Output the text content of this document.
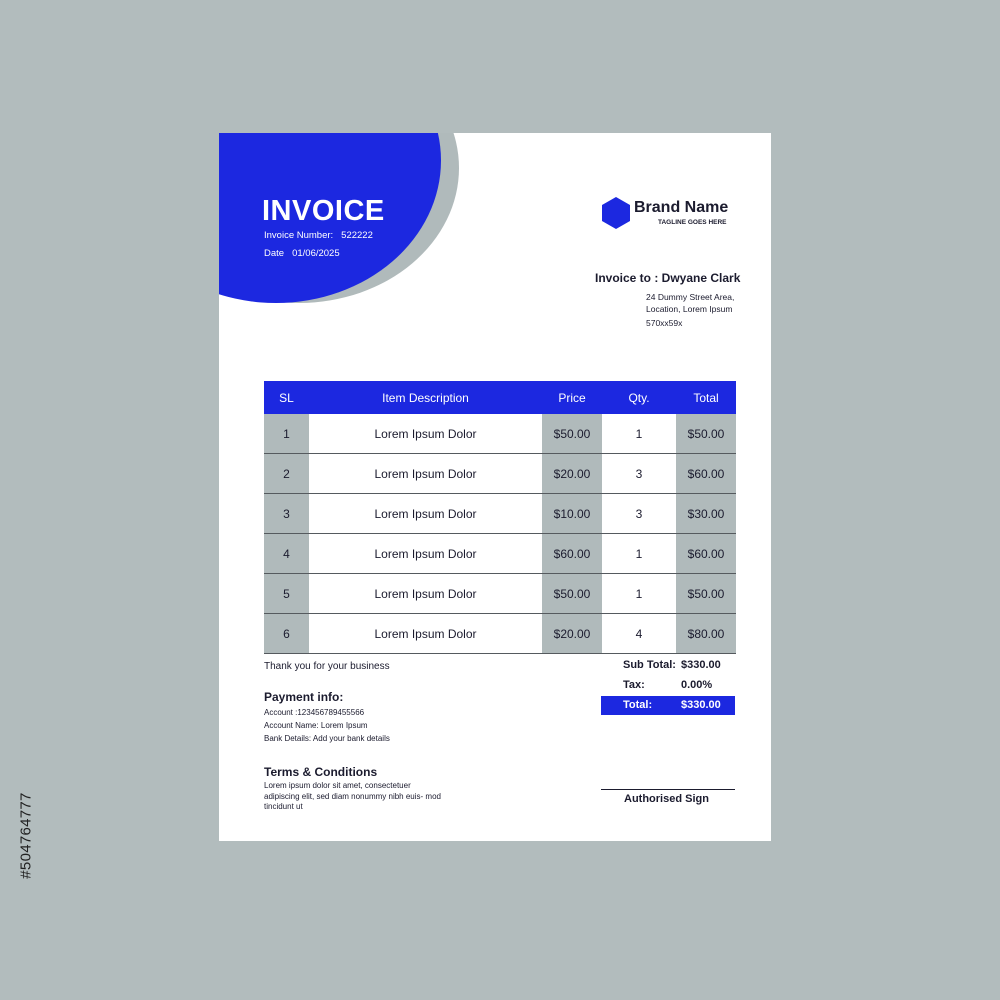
#504764777
INVOICE
Invoice Number: 522222
Date 01/06/2025
Brand Name
TAGLINE GOES HERE
Invoice to : Dwyane Clark
24 Dummy Street Area,
Location, Lorem Ipsum
570xx59x
SL	Item Description	Price	Qty.	Total
1	Lorem Ipsum Dolor	$50.00	1	$50.00
2	Lorem Ipsum Dolor	$20.00	3	$60.00
3	Lorem Ipsum Dolor	$10.00	3	$30.00
4	Lorem Ipsum Dolor	$60.00	1	$60.00
5	Lorem Ipsum Dolor	$50.00	1	$50.00
6	Lorem Ipsum Dolor	$20.00	4	$80.00
Thank you for your business
Payment info:
Account :123456789455566
Account Name: Lorem Ipsum
Bank Details: Add your bank details
Terms & Conditions
Lorem ipsum dolor sit amet, consectetuer adipiscing elit, sed diam nonummy nibh euis- mod tincidunt ut
Sub Total: $330.00
Tax:	0.00%
Total:	$330.00
Authorised Sign
